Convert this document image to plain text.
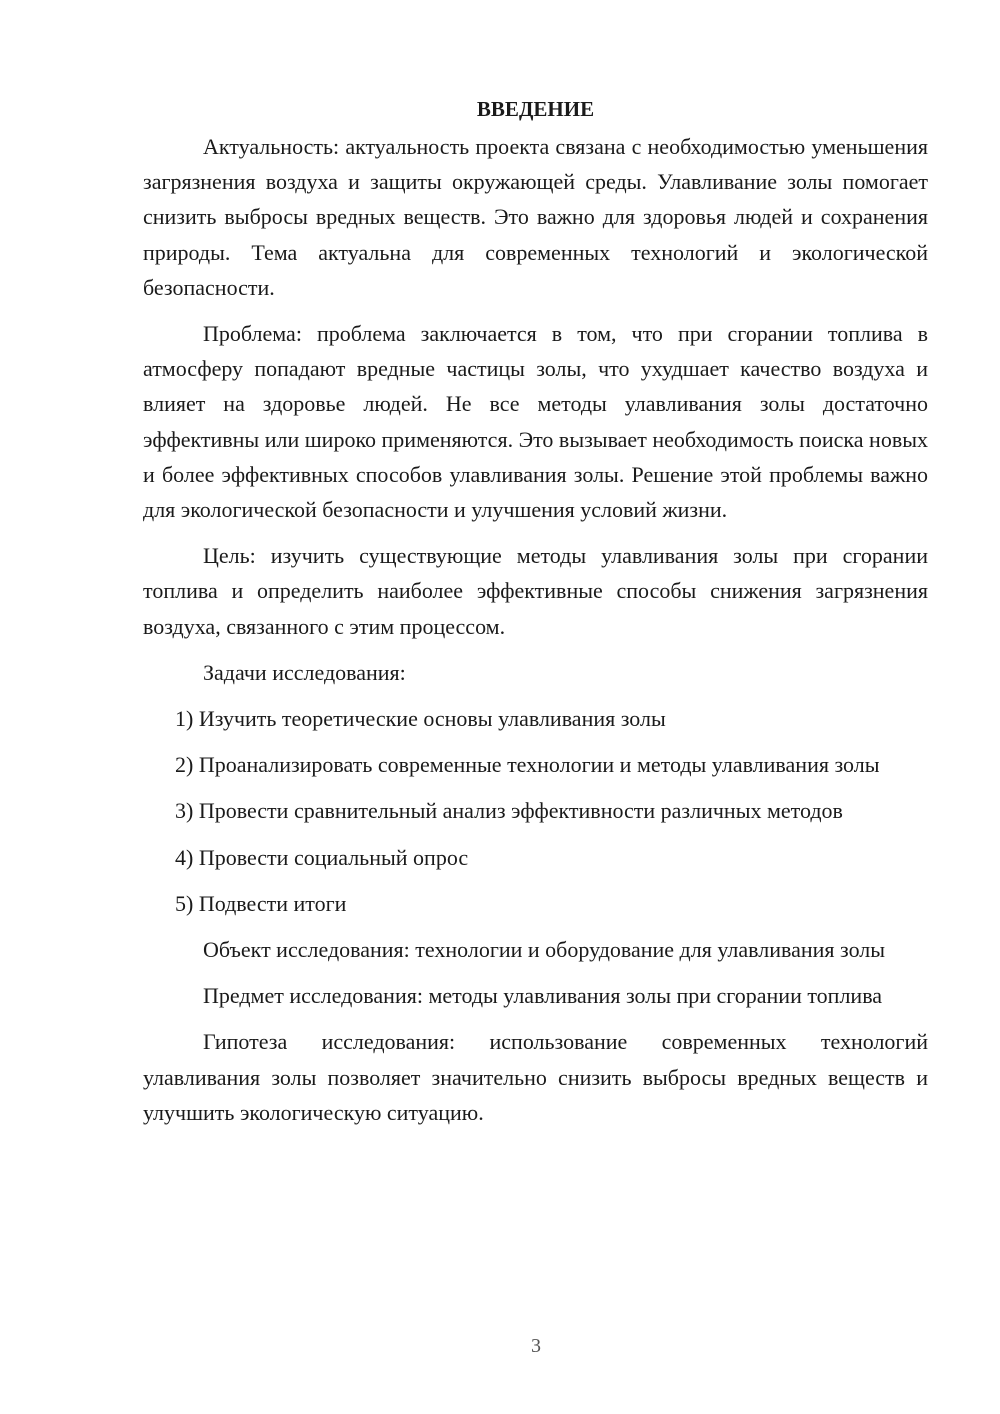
ВВЕДЕНИЕ

Актуальность: актуальность проекта связана с необходимостью уменьшения загрязнения воздуха и защиты окружающей среды. Улавливание золы помогает снизить выбросы вредных веществ. Это важно для здоровья людей и сохранения природы. Тема актуальна для современных технологий и экологической безопасности.

Проблема: проблема заключается в том, что при сгорании топлива в атмосферу попадают вредные частицы золы, что ухудшает качество воздуха и влияет на здоровье людей. Не все методы улавливания золы достаточно эффективны или широко применяются. Это вызывает необходимость поиска новых и более эффективных способов улавливания золы. Решение этой проблемы важно для экологической безопасности и улучшения условий жизни.

Цель: изучить существующие методы улавливания золы при сгорании топлива и определить наиболее эффективные способы снижения загрязнения воздуха, связанного с этим процессом.

Задачи исследования:

1) Изучить теоретические основы улавливания золы

2) Проанализировать современные технологии и методы улавливания золы

3) Провести сравнительный анализ эффективности различных методов

4) Провести социальный опрос

5) Подвести итоги

Объект исследования: технологии и оборудование для улавливания золы

Предмет исследования: методы улавливания золы при сгорании топлива

Гипотеза исследования: использование современных технологий улавливания золы позволяет значительно снизить выбросы вредных веществ и улучшить экологическую ситуацию.

3
